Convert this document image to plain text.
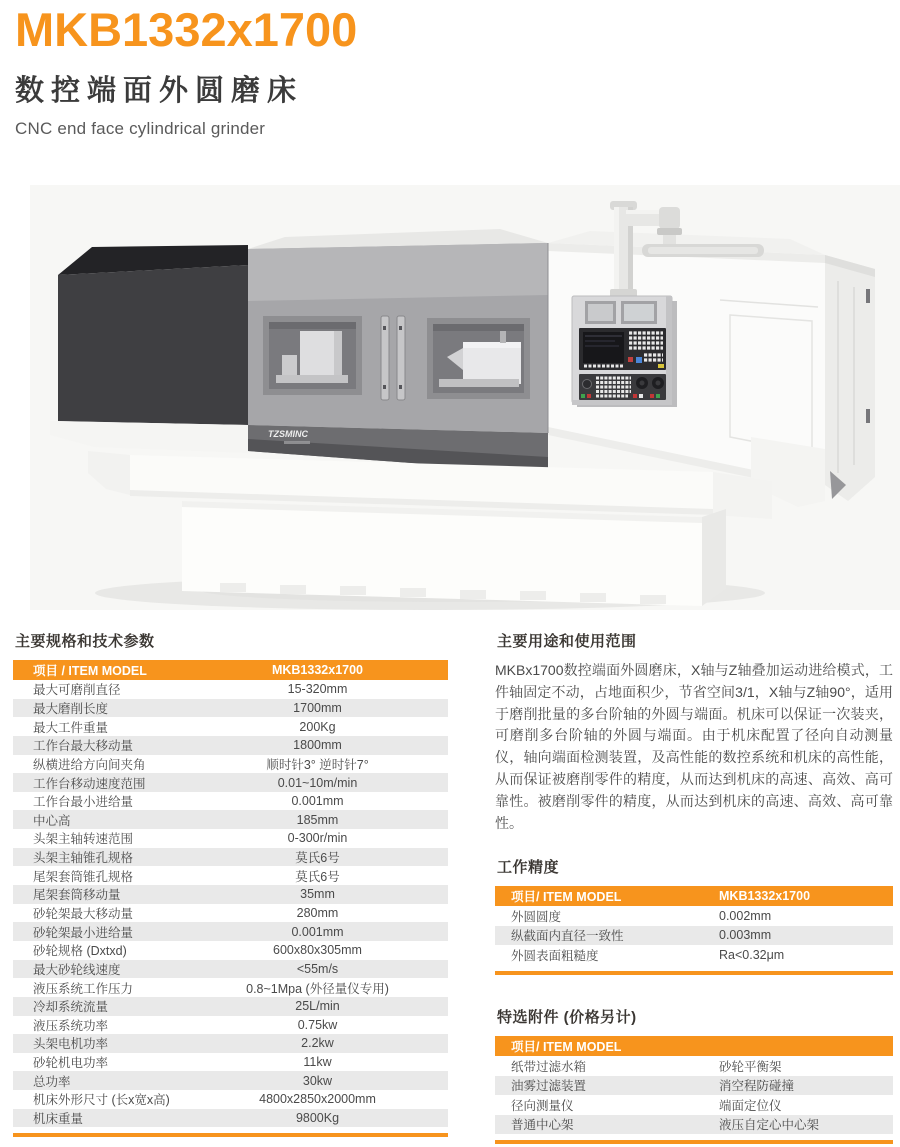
MKB1332x1700
数控端面外圆磨床
CNC end face cylindrical grinder
TZSMINC
主要规格和技术参数
项目 / ITEM MODEL	MKB1332x1700
最大可磨削直径	15-320mm
最大磨削长度	1700mm
最大工件重量	200Kg
工作台最大移动量	1800mm
纵横进给方向间夹角	顺时针3° 逆时针7°
工作台移动速度范围	0.01~10m/min
工作台最小进给量	0.001mm
中心高	185mm
头架主轴转速范围	0-300r/min
头架主轴锥孔规格	莫氏6号
尾架套筒锥孔规格	莫氏6号
尾架套筒移动量	35mm
砂轮架最大移动量	280mm
砂轮架最小进给量	0.001mm
砂轮规格 (Dxtxd)	600x80x305mm
最大砂轮线速度	<55m/s
液压系统工作压力	0.8~1Mpa (外径量仪专用)
冷却系统流量	25L/min
液压系统功率	0.75kw
头架电机功率	2.2kw
砂轮机电功率	11kw
总功率	30kw
机床外形尺寸 (长x宽x高)	4800x2850x2000mm
机床重量	9800Kg
主要用途和使用范围
MKBx1700数控端面外圆磨床，X轴与Z轴叠加运动进给模式，工件轴固定不动，占地面积少，节省空间3/1，X轴与Z轴90°，适用于磨削批量的多台阶轴的外圆与端面。机床可以保证一次装夹，可磨削多台阶轴的外圆与端面。由于机床配置了径向自动测量仪，轴向端面检测装置，及高性能的数控系统和机床的高性能，从而保证被磨削零件的精度，从而达到机床的高速、高效、高可靠性。被磨削零件的精度，从而达到机床的高速、高效、高可靠性。
工作精度
项目/ ITEM MODEL	MKB1332x1700
外圆圆度	0.002mm
纵截面内直径一致性	0.003mm
外圆表面粗糙度	Ra<0.32μm
特选附件 (价格另计)
项目/ ITEM MODEL
纸带过滤水箱	砂轮平衡架
油雾过滤装置	消空程防碰撞
径向测量仪	端面定位仪
普通中心架	液压自定心中心架
